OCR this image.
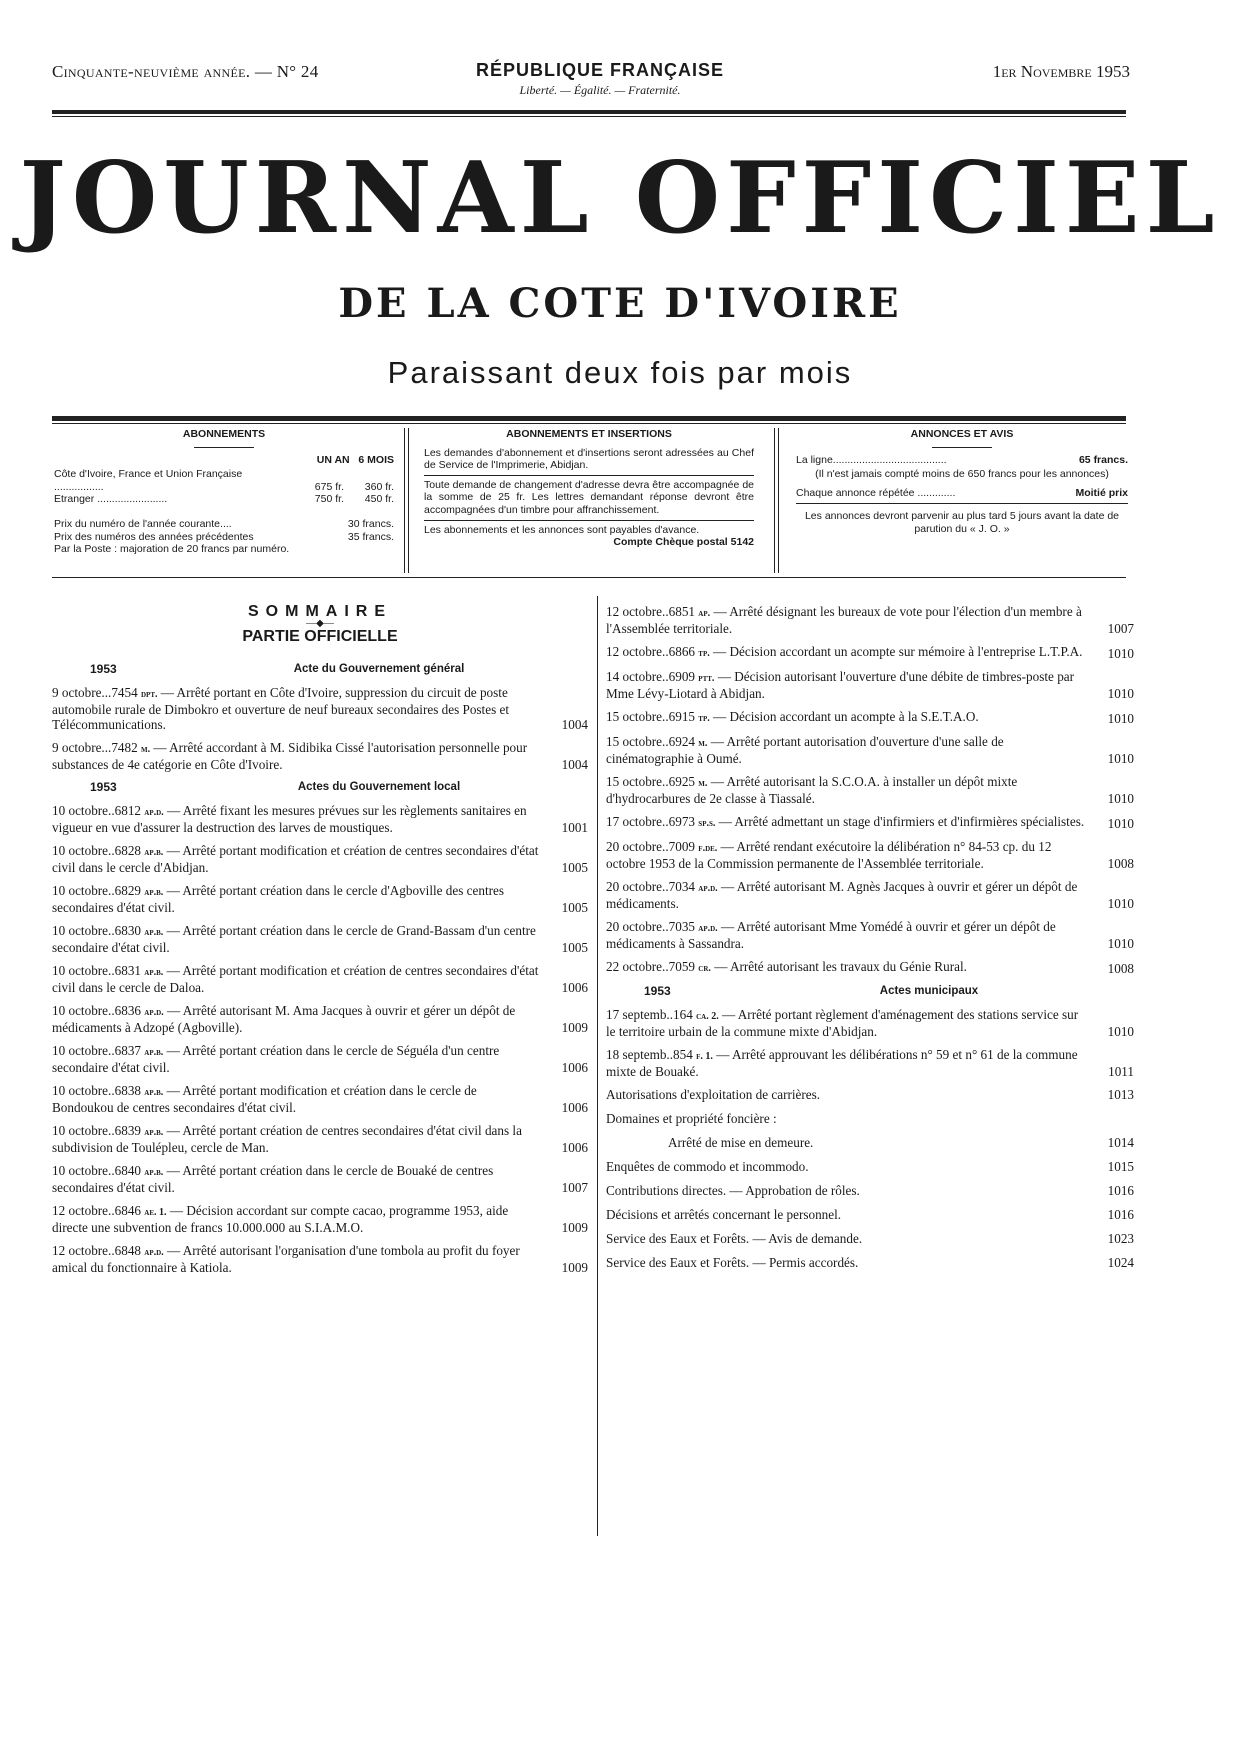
Cinquante-neuvième année. — N° 24	RÉPUBLIQUE FRANÇAISE
Liberté. — Égalité. — Fraternité.
1er Novembre 1953
JOURNAL OFFICIEL
DE LA COTE D'IVOIRE
Paraissant deux fois par mois
ABONNEMENTS
UN AN 6 MOIS
Côte d'Ivoire, France et Union Française .................	675 fr.	360 fr.
Etranger ........................	750 fr.	450 fr.
Prix du numéro de l'année courante....	30 francs.
Prix des numéros des années précédentes	35 francs.
Par la Poste : majoration de 20 francs par numéro.	
ABONNEMENTS ET INSERTIONS
Les demandes d'abonnement et d'insertions seront adressées au Chef de Service de l'Imprimerie, Abidjan.
Toute demande de changement d'adresse devra être accompagnée de la somme de 25 fr. Les lettres demandant réponse devront être accompagnées d'un timbre pour affranchissement.
Les abonnements et les annonces sont payables d'avance.
Compte Chèque postal 5142
ANNONCES ET AVIS
La ligne.......................................	65 francs.
(Il n'est jamais compté moins de 650 francs pour les annonces)
Chaque annonce répétée .............	Moitié prix
Les annonces devront parvenir au plus tard 5 jours avant la date de parution du « J. O. »
SOMMAIRE
—◆—
PARTIE OFFICIELLE
1953	Acte du Gouvernement général
9 octobre...7454 dpt. — Arrêté portant en Côte d'Ivoire, suppression du circuit de poste automobile rurale de Dimbokro et ouverture de neuf bureaux secondaires des Postes et Télécommunications.	1004
9 octobre...7482 m. — Arrêté accordant à M. Sidibika Cissé l'autorisation personnelle pour substances de 4e catégorie en Côte d'Ivoire.	1004
1953	Actes du Gouvernement local
10 octobre..6812 ap.d. — Arrêté fixant les mesures prévues sur les règlements sanitaires en vigueur en vue d'assurer la destruction des larves de moustiques.	1001
10 octobre..6828 ap.b. — Arrêté portant modification et création de centres secondaires d'état civil dans le cercle d'Abidjan.	1005
10 octobre..6829 ap.b. — Arrêté portant création dans le cercle d'Agboville des centres secondaires d'état civil.	1005
10 octobre..6830 ap.b. — Arrêté portant création dans le cercle de Grand-Bassam d'un centre secondaire d'état civil.	1005
10 octobre..6831 ap.b. — Arrêté portant modification et création de centres secondaires d'état civil dans le cercle de Daloa.	1006
10 octobre..6836 ap.d. — Arrêté autorisant M. Ama Jacques à ouvrir et gérer un dépôt de médicaments à Adzopé (Agboville).	1009
10 octobre..6837 ap.b. — Arrêté portant création dans le cercle de Séguéla d'un centre secondaire d'état civil.	1006
10 octobre..6838 ap.b. — Arrêté portant modification et création dans le cercle de Bondoukou de centres secondaires d'état civil.	1006
10 octobre..6839 ap.b. — Arrêté portant création de centres secondaires d'état civil dans la subdivision de Toulépleu, cercle de Man.	1006
10 octobre..6840 ap.b. — Arrêté portant création dans le cercle de Bouaké de centres secondaires d'état civil.	1007
12 octobre..6846 ae. 1. — Décision accordant sur compte cacao, programme 1953, aide directe une subvention de francs 10.000.000 au S.I.A.M.O.	1009
12 octobre..6848 ap.d. — Arrêté autorisant l'organisation d'une tombola au profit du foyer amical du fonctionnaire à Katiola.	1009
12 octobre..6851 ap. — Arrêté désignant les bureaux de vote pour l'élection d'un membre à l'Assemblée territoriale.	1007
12 octobre..6866 tp. — Décision accordant un acompte sur mémoire à l'entreprise L.T.P.A.	1010
14 octobre..6909 ptt. — Décision autorisant l'ouverture d'une débite de timbres-poste par Mme Lévy-Liotard à Abidjan.	1010
15 octobre..6915 tp. — Décision accordant un acompte à la S.E.T.A.O.	1010
15 octobre..6924 m. — Arrêté portant autorisation d'ouverture d'une salle de cinématographie à Oumé.	1010
15 octobre..6925 m. — Arrêté autorisant la S.C.O.A. à installer un dépôt mixte d'hydrocarbures de 2e classe à Tiassalé.	1010
17 octobre..6973 sp.s. — Arrêté admettant un stage d'infirmiers et d'infirmières spécialistes.	1010
20 octobre..7009 f.de. — Arrêté rendant exécutoire la délibération n° 84-53 cp. du 12 octobre 1953 de la Commission permanente de l'Assemblée territoriale.	1008
20 octobre..7034 ap.d. — Arrêté autorisant M. Agnès Jacques à ouvrir et gérer un dépôt de médicaments.	1010
20 octobre..7035 ap.d. — Arrêté autorisant Mme Yomédé à ouvrir et gérer un dépôt de médicaments à Sassandra.	1010
22 octobre..7059 cr. — Arrêté autorisant les travaux du Génie Rural.	1008
1953	Actes municipaux
17 septemb..164 ca. 2. — Arrêté portant règlement d'aménagement des stations service sur le territoire urbain de la commune mixte d'Abidjan.	1010
18 septemb..854 f. 1. — Arrêté approuvant les délibérations n° 59 et n° 61 de la commune mixte de Bouaké.	1011
Autorisations d'exploitation de carrières.	1013
Domaines et propriété foncière :
Arrêté de mise en demeure.	1014
Enquêtes de commodo et incommodo.	1015
Contributions directes. — Approbation de rôles.	1016
Décisions et arrêtés concernant le personnel.	1016
Service des Eaux et Forêts. — Avis de demande.	1023
Service des Eaux et Forêts. — Permis accordés.	1024
